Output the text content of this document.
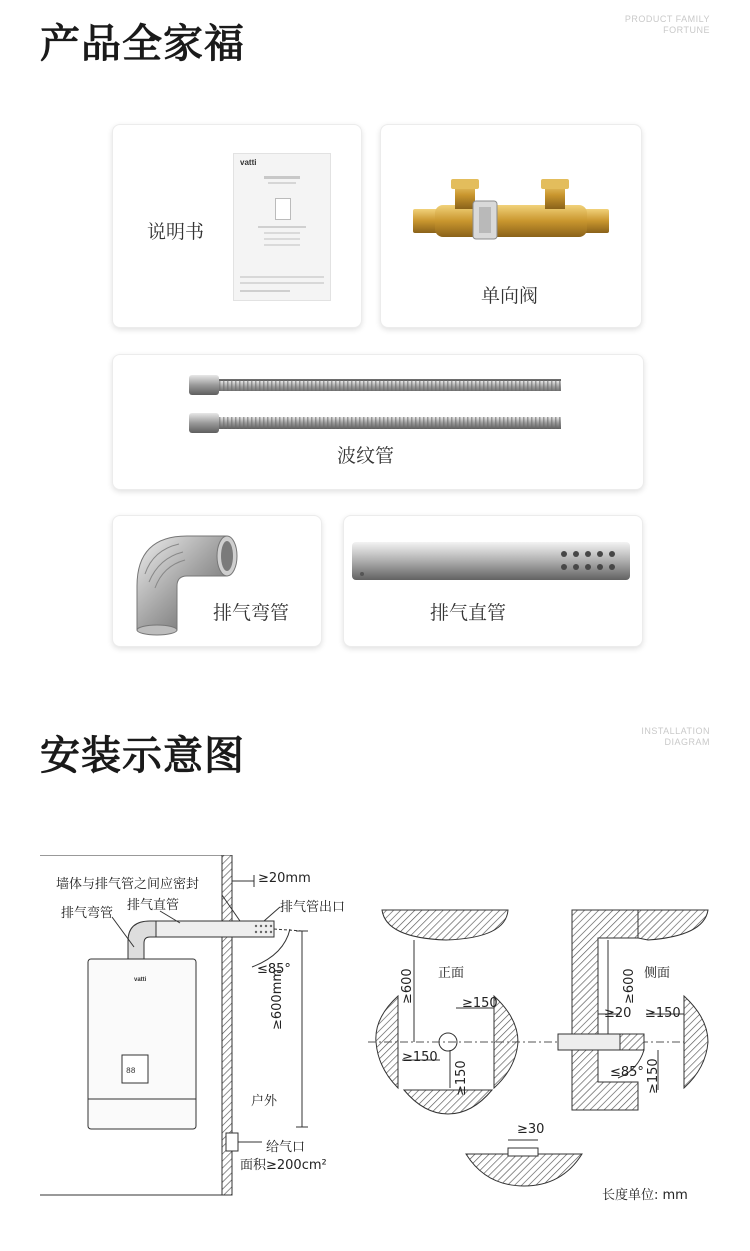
产品全家福
PRODUCT FAMILY
FORTUNE
说明书
vatti
单向阀
波纹管
排气弯管	排气直管
安装示意图
INSTALLATION
DIAGRAM
88
vatti
墙体与排气管之间应密封	≥20mm
排气弯管
排气直管	排气管出口
≤85°
≥600mm
户外
给气口
面积≥200cm²
正面	侧面
≥600	≥150
≥150
≥150
≥600
≥20 ≥150
≤85° ≥150
≥30
长度单位: mm
